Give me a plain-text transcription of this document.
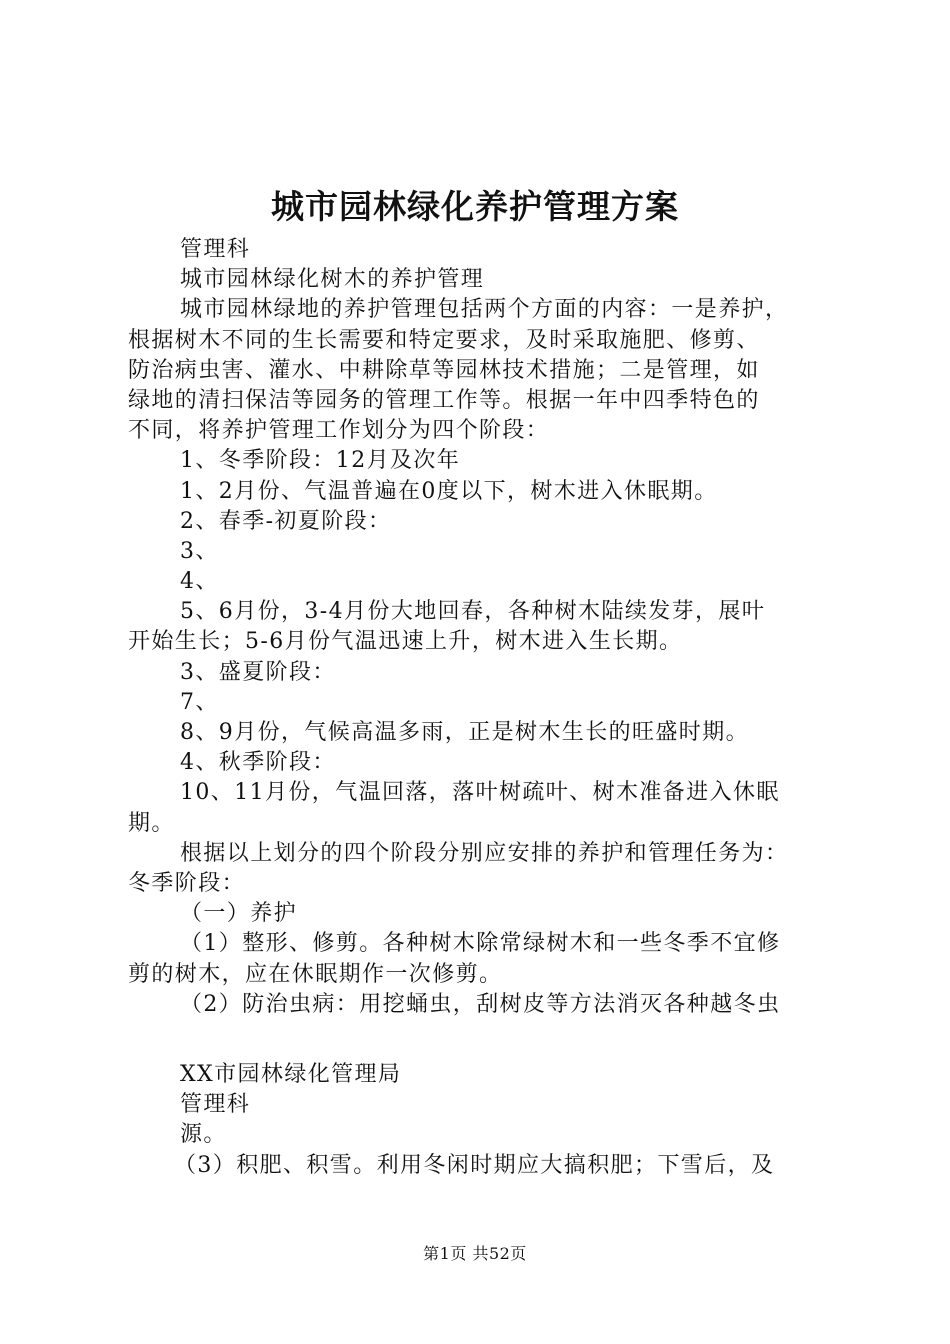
城市园林绿化养护管理方案
管理科
城市园林绿化树木的养护管理
城市园林绿地的养护管理包括两个方面的内容：一是养护，
根据树木不同的生长需要和特定要求，及时采取施肥、修剪、
防治病虫害、灌水、中耕除草等园林技术措施；二是管理，如
绿地的清扫保洁等园务的管理工作等。根据一年中四季特色的
不同，将养护管理工作划分为四个阶段：
1、冬季阶段：12月及次年
1、2月份、气温普遍在0度以下，树木进入休眠期。
2、春季-初夏阶段：
3、
4、
5、6月份，3-4月份大地回春，各种树木陆续发芽，展叶
开始生长；5-6月份气温迅速上升，树木进入生长期。
3、盛夏阶段：
7、
8、9月份，气候高温多雨，正是树木生长的旺盛时期。
4、秋季阶段：
10、11月份，气温回落，落叶树疏叶、树木准备进入休眠
期。
根据以上划分的四个阶段分别应安排的养护和管理任务为：
冬季阶段：
（一）养护
（1）整形、修剪。各种树木除常绿树木和一些冬季不宜修
剪的树木，应在休眠期作一次修剪。
（2）防治虫病：用挖蛹虫，刮树皮等方法消灭各种越冬虫
XX市园林绿化管理局
管理科
源。
（3）积肥、积雪。利用冬闲时期应大搞积肥；下雪后，及
第1页 共52页
